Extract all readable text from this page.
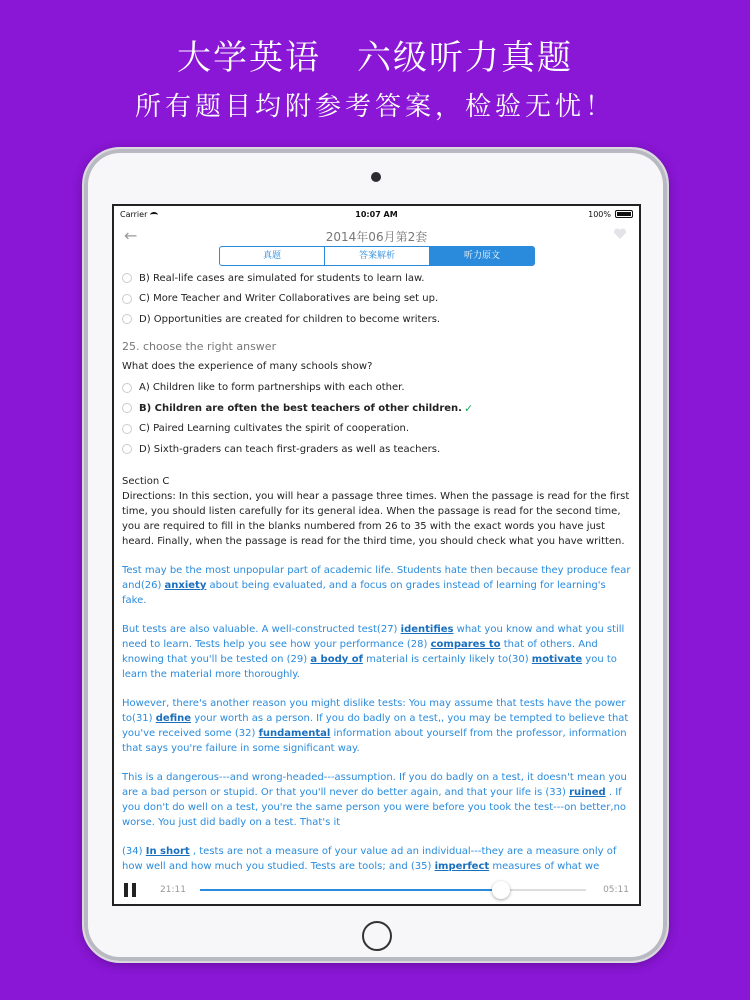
大学英语　六级听力真题
所有题目均附参考答案，检验无忧！
Carrier	10:07 AM	100%
←	2014年06月第2套
真题	答案解析	听力原文
B) Real-life cases are simulated for students to learn law.
C) More Teacher and Writer Collaboratives are being set up.
D) Opportunities are created for children to become writers.
25. choose the right answer
What does the experience of many schools show?
A) Children like to form partnerships with each other.
B) Children are often the best teachers of other children. ✓
C) Paired Learning cultivates the spirit of cooperation.
D) Sixth-graders can teach first-graders as well as teachers.
Section C
Directions: In this section, you will hear a passage three times. When the passage is read for the first time, you should listen carefully for its general idea. When the passage is read for the second time, you are required to fill in the blanks numbered from 26 to 35 with the exact words you have just heard. Finally, when the passage is read for the third time, you should check what you have written.
Test may be the most unpopular part of academic life. Students hate then because they produce fear and(26) anxiety about being evaluated, and a focus on grades instead of learning for learning's fake.
But tests are also valuable. A well-constructed test(27) identifies what you know and what you still need to learn. Tests help you see how your performance (28) compares to that of others. And knowing that you'll be tested on (29) a body of material is certainly likely to(30) motivate you to learn the material more thoroughly.
However, there's another reason you might dislike tests: You may assume that tests have the power to(31) define your worth as a person. If you do badly on a test,, you may be tempted to believe that you've received some (32) fundamental information about yourself from the professor, information that says you're failure in some significant way.
This is a dangerous---and wrong-headed---assumption. If you do badly on a test, it doesn't mean you are a bad person or stupid. Or that you'll never do better again, and that your life is (33) ruined . If you don't do well on a test, you're the same person you were before you took the test---on better,no worse. You just did badly on a test. That's it
(34) In short , tests are not a measure of your value ad an individual---they are a measure only of how well and how much you studied. Tests are tools; and (35) imperfect measures of what we
21:11	05:11
